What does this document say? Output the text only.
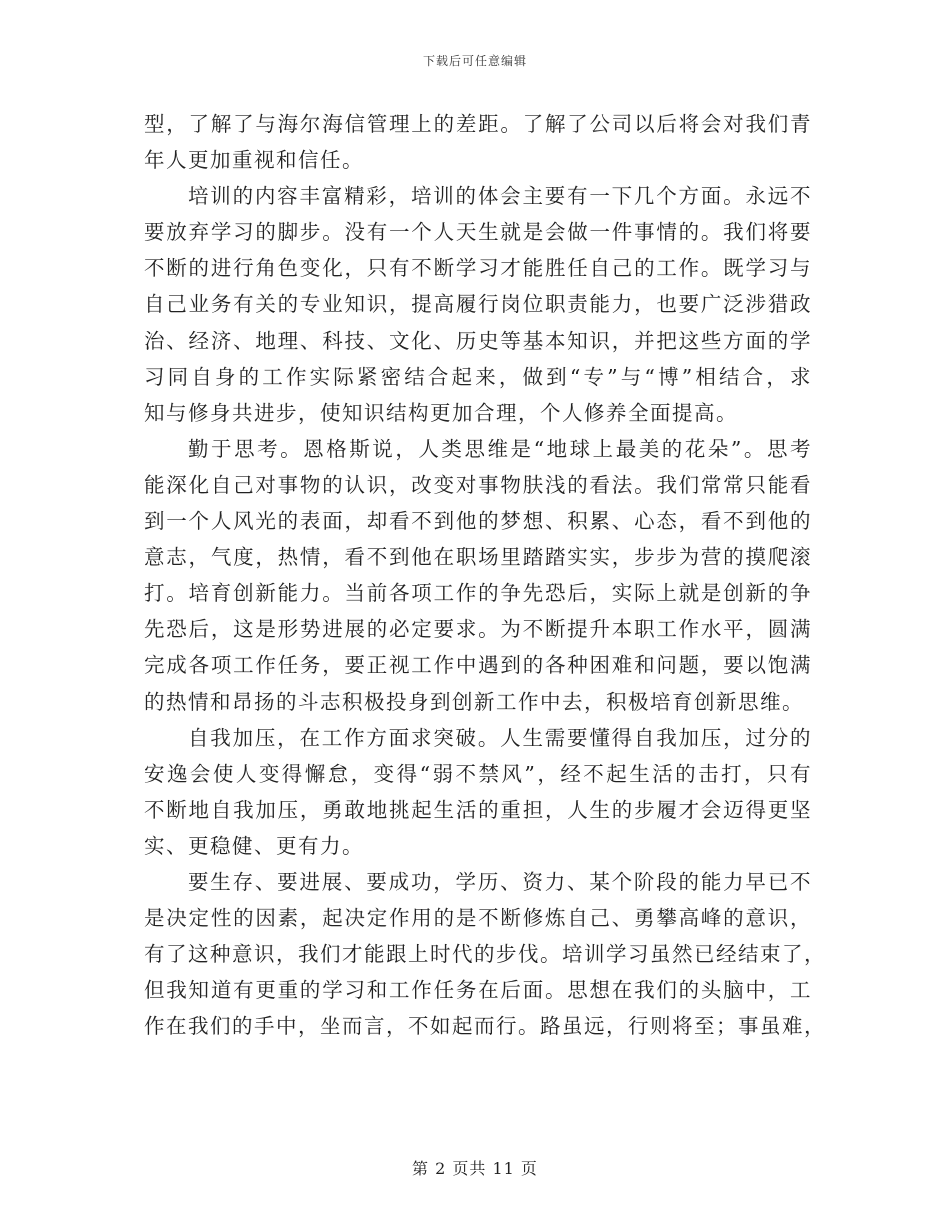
下载后可任意编辑
型，了解了与海尔海信管理上的差距。了解了公司以后将会对我们青
年人更加重视和信任。
培训的内容丰富精彩，培训的体会主要有一下几个方面。永远不
要放弃学习的脚步。没有一个人天生就是会做一件事情的。我们将要
不断的进行角色变化，只有不断学习才能胜任自己的工作。既学习与
自己业务有关的专业知识，提高履行岗位职责能力，也要广泛涉猎政
治、经济、地理、科技、文化、历史等基本知识，并把这些方面的学
习同自身的工作实际紧密结合起来，做到“专”与“博”相结合，求
知与修身共进步，使知识结构更加合理，个人修养全面提高。
勤于思考。恩格斯说，人类思维是“地球上最美的花朵”。思考
能深化自己对事物的认识，改变对事物肤浅的看法。我们常常只能看
到一个人风光的表面，却看不到他的梦想、积累、心态，看不到他的
意志，气度，热情，看不到他在职场里踏踏实实，步步为营的摸爬滚
打。培育创新能力。当前各项工作的争先恐后，实际上就是创新的争
先恐后，这是形势进展的必定要求。为不断提升本职工作水平，圆满
完成各项工作任务，要正视工作中遇到的各种困难和问题，要以饱满
的热情和昂扬的斗志积极投身到创新工作中去，积极培育创新思维。
自我加压，在工作方面求突破。人生需要懂得自我加压，过分的
安逸会使人变得懈怠，变得“弱不禁风”，经不起生活的击打，只有
不断地自我加压，勇敢地挑起生活的重担，人生的步履才会迈得更坚
实、更稳健、更有力。
要生存、要进展、要成功，学历、资力、某个阶段的能力早已不
是决定性的因素，起决定作用的是不断修炼自己、勇攀高峰的意识，
有了这种意识，我们才能跟上时代的步伐。培训学习虽然已经结束了，
但我知道有更重的学习和工作任务在后面。思想在我们的头脑中，工
作在我们的手中，坐而言，不如起而行。路虽远，行则将至；事虽难，
第 2 页共 11 页
